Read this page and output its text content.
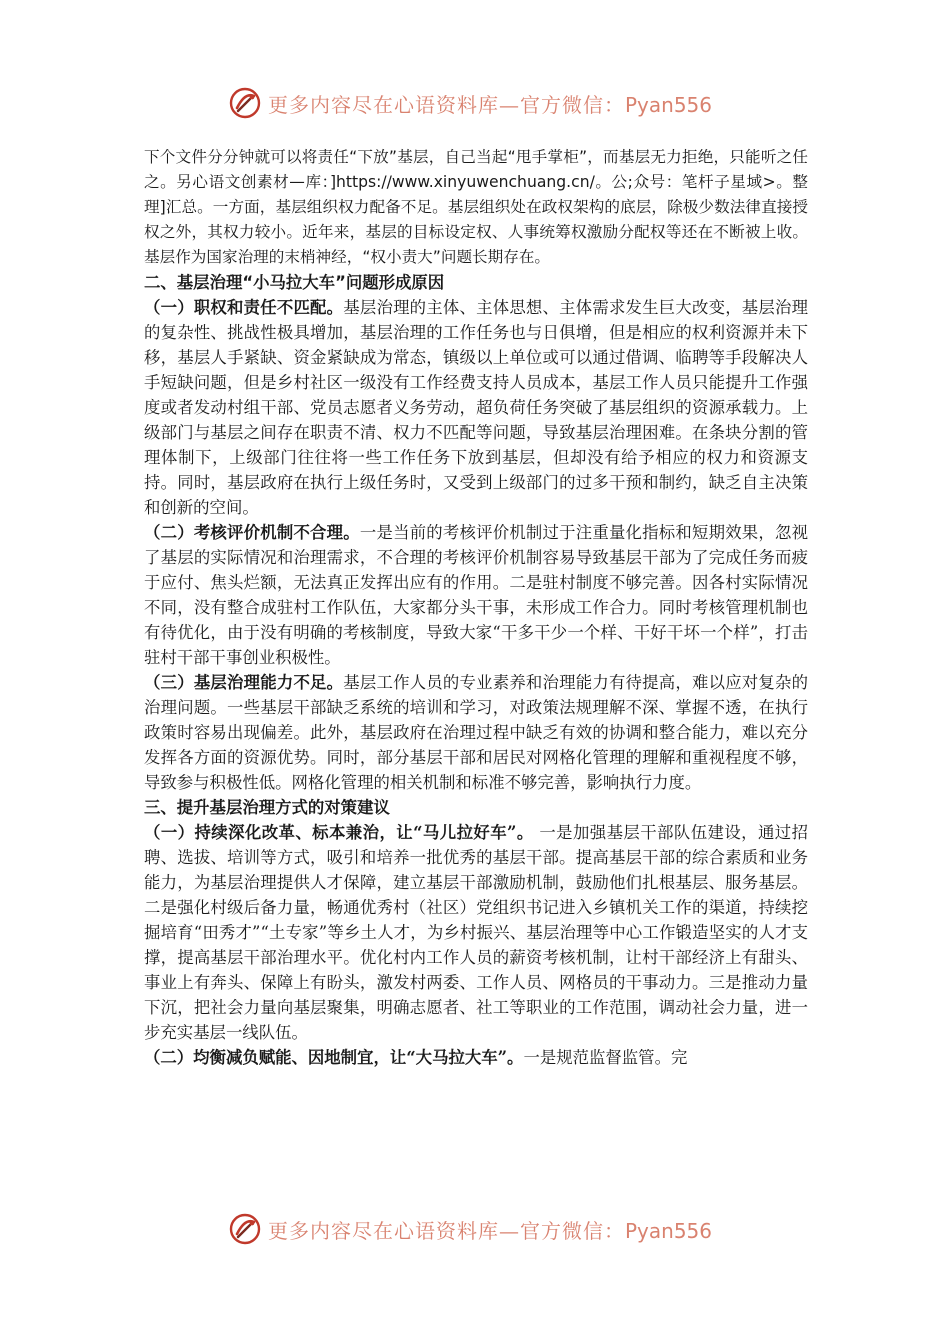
更多内容尽在心语资料库—官方微信：Pyan556

下个文件分分钟就可以将责任“下放”基层，自己当起“甩手掌柜”，而基层无力拒绝，只能听之任之。另心语文创素材—库：]https://www.xinyuwenchuang.cn/。公;众号：笔杆子星域>。整理]汇总。一方面，基层组织权力配备不足。基层组织处在政权架构的底层，除极少数法律直接授权之外，其权力较小。近年来，基层的目标设定权、人事统筹权激励分配权等还在不断被上收。基层作为国家治理的末梢神经，“权小责大”问题长期存在。

二、基层治理“小马拉大车”问题形成原因

（一）职权和责任不匹配。基层治理的主体、主体思想、主体需求发生巨大改变，基层治理的复杂性、挑战性极具增加，基层治理的工作任务也与日俱增，但是相应的权利资源并未下移，基层人手紧缺、资金紧缺成为常态，镇级以上单位或可以通过借调、临聘等手段解决人手短缺问题，但是乡村社区一级没有工作经费支持人员成本，基层工作人员只能提升工作强度或者发动村组干部、党员志愿者义务劳动，超负荷任务突破了基层组织的资源承载力。上级部门与基层之间存在职责不清、权力不匹配等问题，导致基层治理困难。在条块分割的管理体制下，上级部门往往将一些工作任务下放到基层，但却没有给予相应的权力和资源支持。同时，基层政府在执行上级任务时，又受到上级部门的过多干预和制约，缺乏自主决策和创新的空间。

（二）考核评价机制不合理。一是当前的考核评价机制过于注重量化指标和短期效果，忽视了基层的实际情况和治理需求，不合理的考核评价机制容易导致基层干部为了完成任务而疲于应付、焦头烂额，无法真正发挥出应有的作用。二是驻村制度不够完善。因各村实际情况不同，没有整合成驻村工作队伍，大家都分头干事，未形成工作合力。同时考核管理机制也有待优化，由于没有明确的考核制度，导致大家“干多干少一个样、干好干坏一个样”，打击驻村干部干事创业积极性。

（三）基层治理能力不足。基层工作人员的专业素养和治理能力有待提高，难以应对复杂的治理问题。一些基层干部缺乏系统的培训和学习，对政策法规理解不深、掌握不透，在执行政策时容易出现偏差。此外，基层政府在治理过程中缺乏有效的协调和整合能力，难以充分发挥各方面的资源优势。同时，部分基层干部和居民对网格化管理的理解和重视程度不够，导致参与积极性低。网格化管理的相关机制和标准不够完善，影响执行力度。

三、提升基层治理方式的对策建议

（一）持续深化改革、标本兼治，让“马儿拉好车”。 一是加强基层干部队伍建设，通过招聘、选拔、培训等方式，吸引和培养一批优秀的基层干部。提高基层干部的综合素质和业务能力，为基层治理提供人才保障，建立基层干部激励机制，鼓励他们扎根基层、服务基层。二是强化村级后备力量，畅通优秀村（社区）党组织书记进入乡镇机关工作的渠道，持续挖掘培育“田秀才”“土专家”等乡土人才，为乡村振兴、基层治理等中心工作锻造坚实的人才支撑，提高基层干部治理水平。优化村内工作人员的薪资考核机制，让村干部经济上有甜头、事业上有奔头、保障上有盼头，激发村两委、工作人员、网格员的干事动力。三是推动力量下沉，把社会力量向基层聚集，明确志愿者、社工等职业的工作范围，调动社会力量，进一步充实基层一线队伍。

（二）均衡减负赋能、因地制宜，让“大马拉大车”。一是规范监督监管。完

更多内容尽在心语资料库—官方微信：Pyan556
